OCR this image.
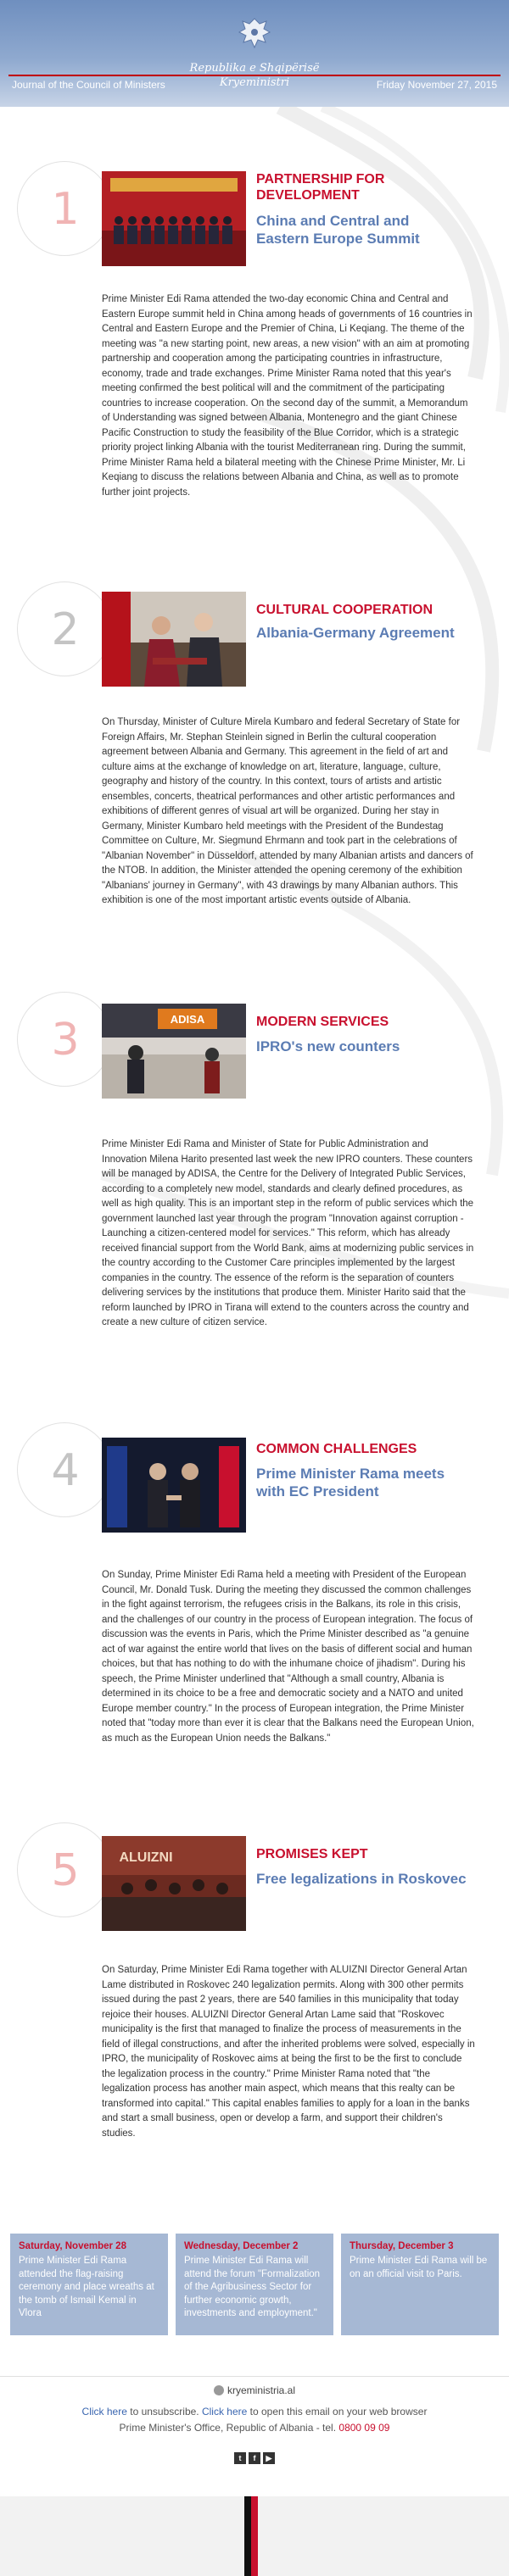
Republika e Shqipërisë
Kryeministri
Journal of the Council of Ministers	Friday November 27, 2015
1
PARTNERSHIP FOR DEVELOPMENT
China and Central and Eastern Europe Summit
Prime Minister Edi Rama attended the two-day economic China and Central and Eastern Europe summit held in China among heads of governments of 16 countries in Central and Eastern Europe and the Premier of China, Li Keqiang. The theme of the meeting was "a new starting point, new areas, a new vision" with an aim at promoting partnership and cooperation among the participating countries in infrastructure, economy, trade and trade exchanges. Prime Minister Rama noted that this year's meeting confirmed the best political will and the commitment of the participating countries to increase cooperation. On the second day of the summit, a Memorandum of Understanding was signed between Albania, Montenegro and the giant Chinese Pacific Construction to study the feasibility of the Blue Corridor, which is a strategic priority project linking Albania with the tourist Mediterranean ring. During the summit, Prime Minister Rama held a bilateral meeting with the Chinese Prime Minister, Mr. Li Keqiang to discuss the relations between Albania and China, as well as to promote further joint projects.
2	CULTURAL COOPERATION
Albania-Germany Agreement
On Thursday, Minister of Culture Mirela Kumbaro and federal Secretary of State for Foreign Affairs, Mr. Stephan Steinlein signed in Berlin the cultural cooperation agreement between Albania and Germany. This agreement in the field of art and culture aims at the exchange of knowledge on art, literature, language, culture, geography and history of the country. In this context, tours of artists and artistic ensembles, concerts, theatrical performances and other artistic performances and exhibitions of different genres of visual art will be organized. During her stay in Germany, Minister Kumbaro held meetings with the President of the Bundestag Committee on Culture, Mr. Siegmund Ehrmann and took part in the celebrations of "Albanian November" in Düsseldorf, attended by many Albanian artists and dancers of the NTOB. In addition, the Minister attended the opening ceremony of the exhibition "Albanians' journey in Germany", with 43 drawings by many Albanian authors. This exhibition is one of the most important artistic events outside of Albania.
3	ADISA	MODERN SERVICES
IPRO's new counters
Prime Minister Edi Rama and Minister of State for Public Administration and Innovation Milena Harito presented last week the new IPRO counters. These counters will be managed by ADISA, the Centre for the Delivery of Integrated Public Services, according to a completely new model, standards and clearly defined procedures, as well as high quality. This is an important step in the reform of public services which the government launched last year through the program "Innovation against corruption - Launching a citizen-centered model for services." This reform, which has already received financial support from the World Bank, aims at modernizing public services in the country according to the Customer Care principles implemented by the largest companies in the country. The essence of the reform is the separation of counters delivering services by the institutions that produce them. Minister Harito said that the reform launched by IPRO in Tirana will extend to the counters across the country and create a new culture of citizen service.
4	COMMON CHALLENGES
Prime Minister Rama meets with EC President
On Sunday, Prime Minister Edi Rama held a meeting with President of the European Council, Mr. Donald Tusk. During the meeting they discussed the common challenges in the fight against terrorism, the refugees crisis in the Balkans, its role in this crisis, and the challenges of our country in the process of European integration. The focus of discussion was the events in Paris, which the Prime Minister described as "a genuine act of war against the entire world that lives on the basis of different social and human choices, but that has nothing to do with the inhumane choice of jihadism". During his speech, the Prime Minister underlined that "Although a small country, Albania is determined in its choice to be a free and democratic society and a NATO and united Europe member country." In the process of European integration, the Prime Minister noted that "today more than ever it is clear that the Balkans need the European Union, as much as the European Union needs the Balkans."
5	ALUIZNI	PROMISES KEPT
Free legalizations in Roskovec
On Saturday, Prime Minister Edi Rama together with ALUIZNI Director General Artan Lame distributed in Roskovec 240 legalization permits. Along with 300 other permits issued during the past 2 years, there are 540 families in this municipality that today rejoice their houses. ALUIZNI Director General Artan Lame said that "Roskovec municipality is the first that managed to finalize the process of measurements in the field of illegal constructions, and after the inherited problems were solved, especially in IPRO, the municipality of Roskovec aims at being the first to be the first to conclude the legalization process in the country." Prime Minister Rama noted that "the legalization process has another main aspect, which means that this realty can be transformed into capital." This capital enables families to apply for a loan in the banks and start a small business, open or develop a farm, and support their children's studies.
Saturday, November 28
Prime Minister Edi Rama attended the flag-raising ceremony and place wreaths at the tomb of Ismail Kemal in Vlora
Wednesday, December 2
Prime Minister Edi Rama will attend the forum "Formalization of the Agribusiness Sector for further economic growth, investments and employment."
Thursday, December 3
Prime Minister Edi Rama will be on an official visit to Paris.
kryeministria.al
Click here to unsubscribe. Click here to open this email on your web browser
Prime Minister's Office, Republic of Albania - tel. 0800 09 09
t	f	▶
